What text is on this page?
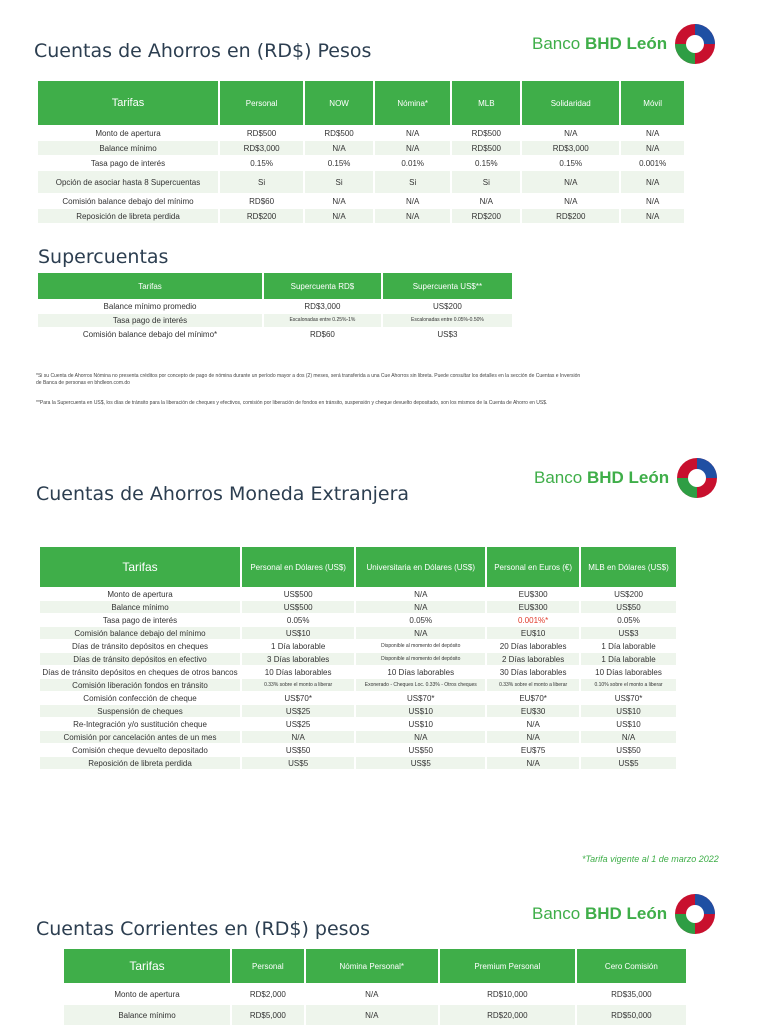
Banco BHD León
Cuentas de Ahorros en (RD$) Pesos
Tarifas	Personal	NOW	Nómina*	MLB	Solidaridad	Móvil
Monto de apertura	RD$500	RD$500	N/A	RD$500	N/A	N/A
Balance mínimo	RD$3,000	N/A	N/A	RD$500	RD$3,000	N/A
Tasa pago de interés	0.15%	0.15%	0.01%	0.15%	0.15%	0.001%
Opción de asociar hasta 8 Supercuentas	Si	Si	Si	Si	N/A	N/A
Comisión balance debajo del mínimo	RD$60	N/A	N/A	N/A	N/A	N/A
Reposición de libreta perdida	RD$200	N/A	N/A	RD$200	RD$200	N/A
Supercuentas
Tarifas	Supercuenta RD$	Supercuenta US$**
Balance mínimo promedio	RD$3,000	US$200
Tasa pago de interés	Escalonadas entre 0.25%-1%	Escalonadas entre 0.05%-0.50%
Comisión balance debajo del mínimo*	RD$60	US$3
*Si su Cuenta de Ahorros Nómina no presenta créditos por concepto de pago de nómina durante un período mayor a dos (2) meses, será transferida a una Cue Ahorros sin libreta. Puede consultar los detalles en la sección de Cuentas e Inversión de Banca de personas en bhdleon.com.do
**Para la Supercuenta en US$, los días de tránsito para la liberación de cheques y efectivos, comisión por liberación de fondos en tránsito, suspensión y cheque devuelto depositado, son los mismos de la Cuenta de Ahorro en US$.
Banco BHD León
Cuentas de Ahorros Moneda Extranjera
Tarifas	Personal en Dólares (US$)	Universitaria en Dólares (US$)	Personal en Euros (€)	MLB en Dólares (US$)
Monto de apertura	US$500	N/A	EU$300	US$200
Balance mínimo	US$500	N/A	EU$300	US$50
Tasa pago de interés	0.05%	0.05%	0.001%*	0.05%
Comisión balance debajo del mínimo	US$10	N/A	EU$10	US$3
Días de tránsito depósitos en cheques	1 Día laborable	Disponible al momento del depósito	20 Días laborables	1 Día laborable
Días de tránsito depósitos en efectivo	3 Días laborables	Disponible al momento del depósito	2 Días laborables	1 Día laborable
Días de tránsito depósitos en cheques de otros bancos	10 Días laborables	10 Días laborables	30 Días laborables	10 Días laborables
Comisión liberación fondos en tránsito	0.33% sobre el monto a liberar	Exonerado - Cheques Loc. 0.33% - Otros cheques	0.33% sobre el monto a liberar	0.10% sobre el monto a liberar
Comisión confección de cheque	US$70*	US$70*	EU$70*	US$70*
Suspensión de cheques	US$25	US$10	EU$30	US$10
Re-Integración y/o sustitución cheque	US$25	US$10	N/A	US$10
Comisión por cancelación antes de un mes	N/A	N/A	N/A	N/A
Comisión cheque devuelto depositado	US$50	US$50	EU$75	US$50
Reposición de libreta perdida	US$5	US$5	N/A	US$5
*Tarifa vigente al 1 de marzo 2022
Banco BHD León
Cuentas Corrientes en (RD$) pesos
Tarifas	Personal	Nómina Personal*	Premium Personal	Cero Comisión
Monto de apertura	RD$2,000	N/A	RD$10,000	RD$35,000
Balance mínimo	RD$5,000	N/A	RD$20,000	RD$50,000
